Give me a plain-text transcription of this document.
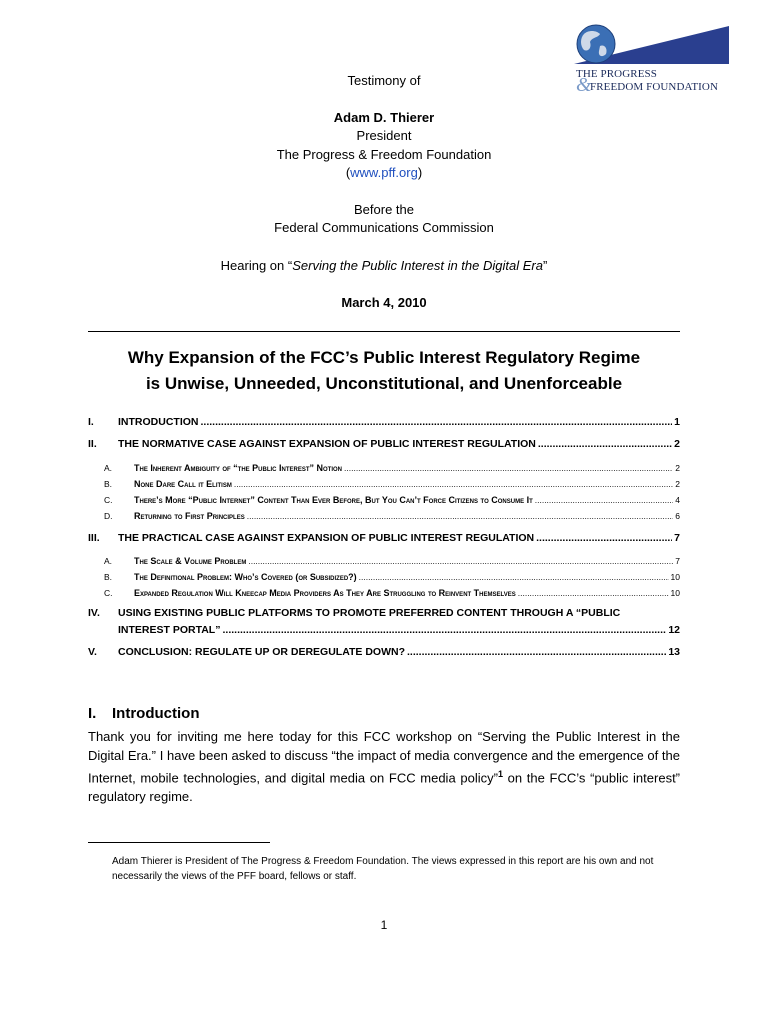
THE PROGRESS
&
FREEDOM FOUNDATION
Testimony of
Adam D. Thierer
President
The Progress & Freedom Foundation
(www.pff.org)
Before the
Federal Communications Commission
Hearing on “Serving the Public Interest in the Digital Era”
March 4, 2010
Why Expansion of the FCC’s Public Interest Regulatory Regime
is Unwise, Unneeded, Unconstitutional, and Unenforceable
I.	INTRODUCTION .....	1
II.	THE NORMATIVE CASE AGAINST EXPANSION OF PUBLIC INTEREST REGULATION .....	2
A.	The Inherent Ambiguity of “the Public Interest” Notion .....	2
B.	None Dare Call it Elitism .....	2
C.	There’s More “Public Internet” Content Than Ever Before, But You Can’t Force Citizens to Consume It .....	4
D.	Returning to First Principles .....	6
III.	THE PRACTICAL CASE AGAINST EXPANSION OF PUBLIC INTEREST REGULATION .....	7
A.	The Scale & Volume Problem .....	7
B.	The Definitional Problem: Who’s Covered (or Subsidized?) .....	10
C.	Expanded Regulation Will Kneecap Media Providers As They Are Struggling to Reinvent Themselves .....	10
IV.	USING EXISTING PUBLIC PLATFORMS TO PROMOTE PREFERRED CONTENT THROUGH A “PUBLIC
INTEREST PORTAL” .....	12
V.	CONCLUSION: REGULATE UP OR DEREGULATE DOWN? .....	13
I. Introduction
Thank you for inviting me here today for this FCC workshop on “Serving the Public Interest in the Digital Era.” I have been asked to discuss “the impact of media convergence and the emergence of the Internet, mobile technologies, and digital media on FCC media policy”$^1$ on the FCC’s “public interest” regulatory regime.
Adam Thierer is President of The Progress & Freedom Foundation. The views expressed in this report are his own and not necessarily the views of the PFF board, fellows or staff.
1
